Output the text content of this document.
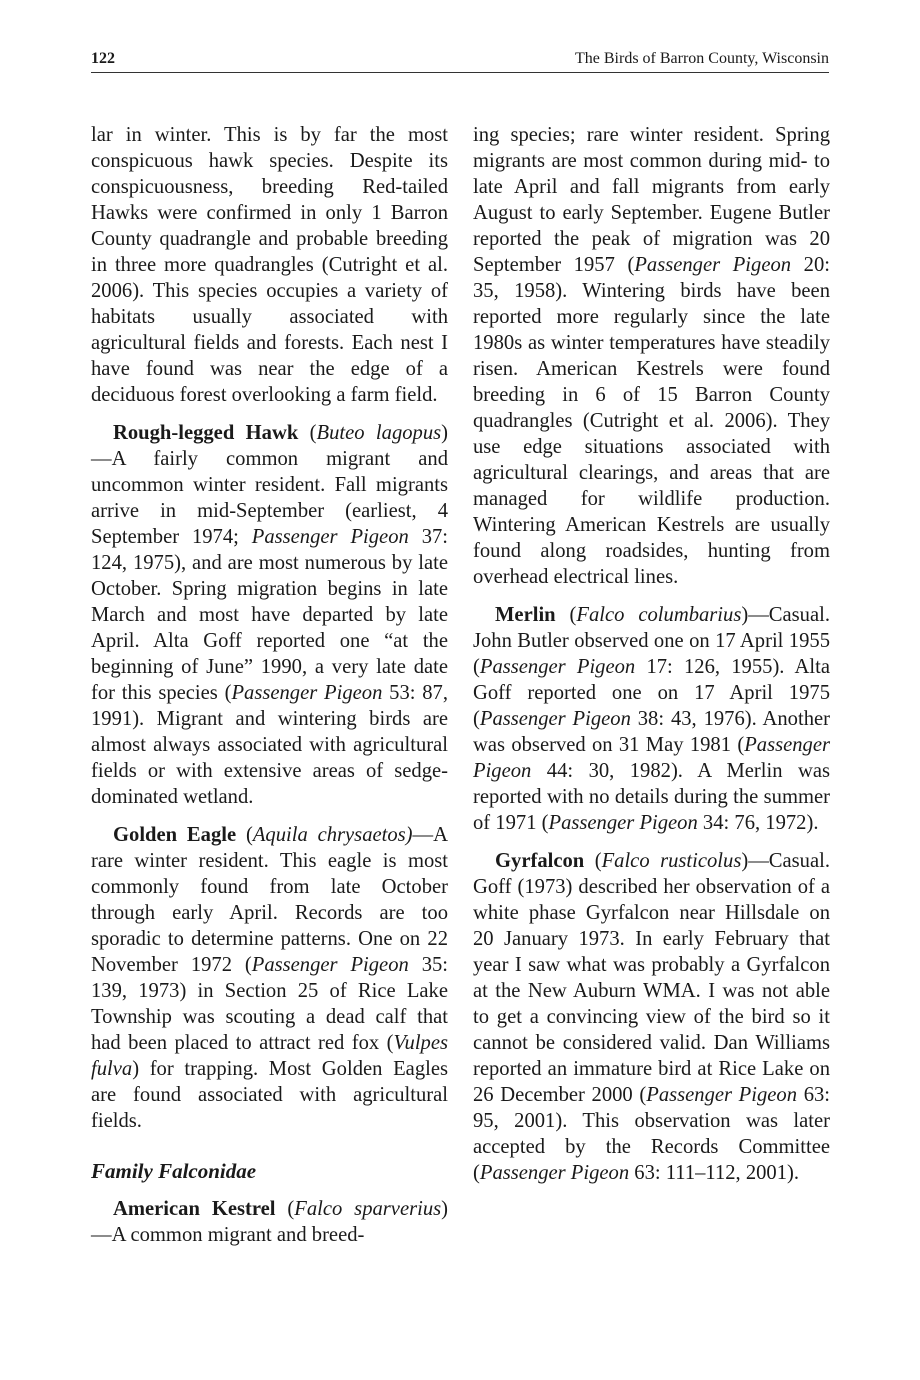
122	The Birds of Barron County, Wisconsin

lar in winter. This is by far the most conspicuous hawk species. Despite its conspicuousness, breeding Red-tailed Hawks were confirmed in only 1 Barron County quadrangle and probable breeding in three more quadrangles (Cutright et al. 2006). This species occupies a variety of habitats usually associated with agricultural fields and forests. Each nest I have found was near the edge of a deciduous forest overlooking a farm field.

Rough-legged Hawk (Buteo lagopus)—A fairly common migrant and uncommon winter resident. Fall migrants arrive in mid-September (earliest, 4 September 1974; Passenger Pigeon 37: 124, 1975), and are most numerous by late October. Spring migration begins in late March and most have departed by late April. Alta Goff reported one “at the beginning of June” 1990, a very late date for this species (Passenger Pigeon 53: 87, 1991). Migrant and wintering birds are almost always associated with agricultural fields or with extensive areas of sedge-dominated wetland.

Golden Eagle (Aquila chrysaetos)—A rare winter resident. This eagle is most commonly found from late October through early April. Records are too sporadic to determine patterns. One on 22 November 1972 (Passenger Pigeon 35: 139, 1973) in Section 25 of Rice Lake Township was scouting a dead calf that had been placed to attract red fox (Vulpes fulva) for trapping. Most Golden Eagles are found associated with agricultural fields.

Family Falconidae

American Kestrel (Falco sparverius)—A common migrant and breed-

ing species; rare winter resident. Spring migrants are most common during mid- to late April and fall migrants from early August to early September. Eugene Butler reported the peak of migration was 20 September 1957 (Passenger Pigeon 20: 35, 1958). Wintering birds have been reported more regularly since the late 1980s as winter temperatures have steadily risen. American Kestrels were found breeding in 6 of 15 Barron County quadrangles (Cutright et al. 2006). They use edge situations associated with agricultural clearings, and areas that are managed for wildlife production. Wintering American Kestrels are usually found along roadsides, hunting from overhead electrical lines.

Merlin (Falco columbarius)—Casual. John Butler observed one on 17 April 1955 (Passenger Pigeon 17: 126, 1955). Alta Goff reported one on 17 April 1975 (Passenger Pigeon 38: 43, 1976). Another was observed on 31 May 1981 (Passenger Pigeon 44: 30, 1982). A Merlin was reported with no details during the summer of 1971 (Passenger Pigeon 34: 76, 1972).

Gyrfalcon (Falco rusticolus)—Casual. Goff (1973) described her observation of a white phase Gyrfalcon near Hillsdale on 20 January 1973. In early February that year I saw what was probably a Gyrfalcon at the New Auburn WMA. I was not able to get a convincing view of the bird so it cannot be considered valid. Dan Williams reported an immature bird at Rice Lake on 26 December 2000 (Passenger Pigeon 63: 95, 2001). This observation was later accepted by the Records Committee (Passenger Pigeon 63: 111–112, 2001).
